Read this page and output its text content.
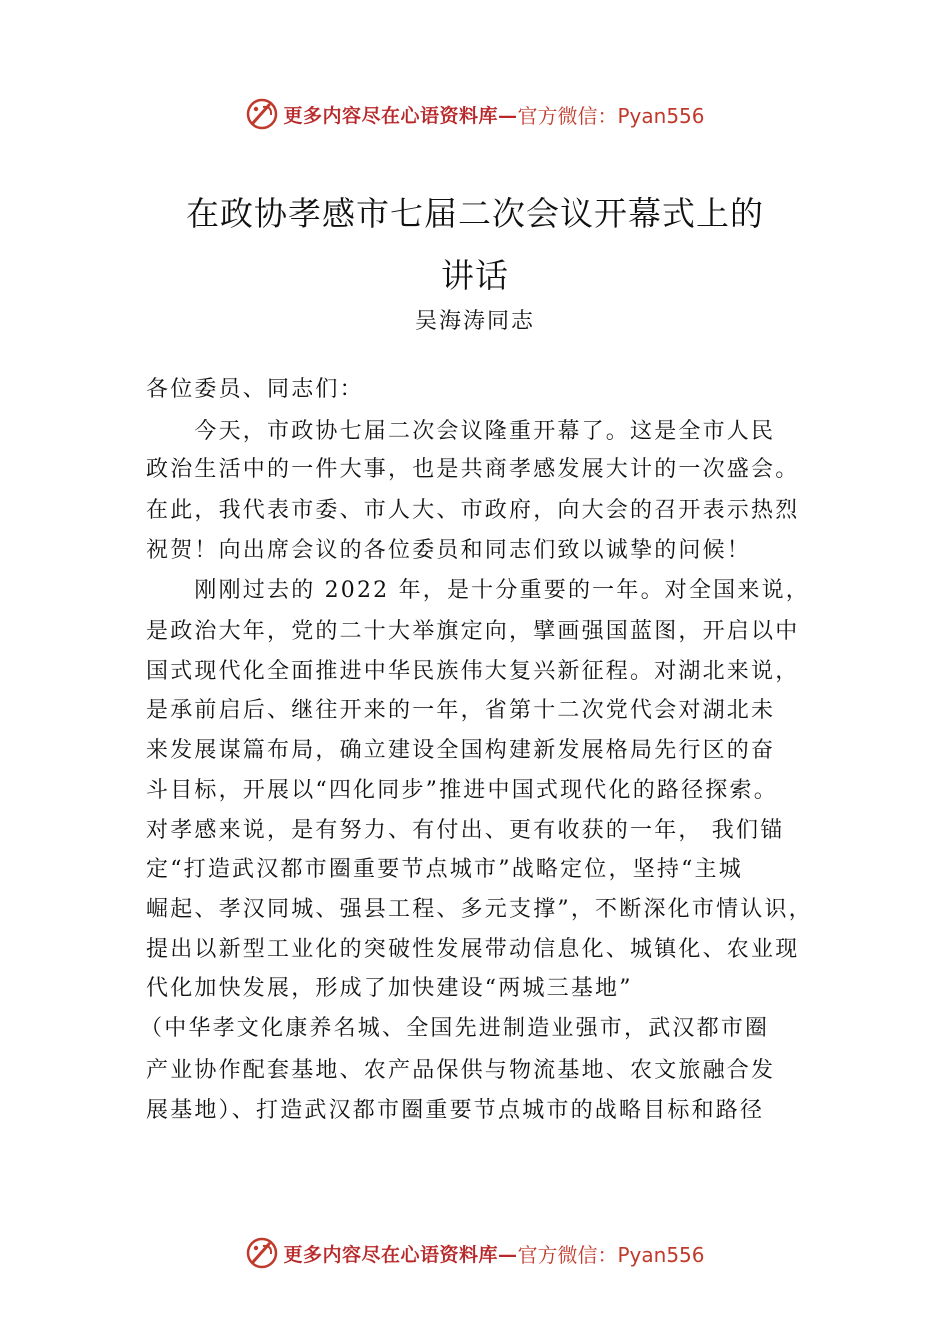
更多内容尽在心语资料库— 官方微信：Pyan556
在政协孝感市七届二次会议开幕式上的
讲话
吴海涛同志
各位委员、同志们：
　　今天，市政协七届二次会议隆重开幕了。这是全市人民
政治生活中的一件大事，也是共商孝感发展大计的一次盛会。
在此，我代表市委、市人大、市政府，向大会的召开表示热烈
祝贺！向出席会议的各位委员和同志们致以诚挚的问候！
　　刚刚过去的 2022 年，是十分重要的一年。对全国来说，
是政治大年，党的二十大举旗定向，擘画强国蓝图，开启以中
国式现代化全面推进中华民族伟大复兴新征程。对湖北来说，
是承前启后、继往开来的一年，省第十二次党代会对湖北未
来发展谋篇布局，确立建设全国构建新发展格局先行区的奋
斗目标，开展以“四化同步”推进中国式现代化的路径探索。
对孝感来说，是有努力、有付出、更有收获的一年， 我们锚
定“打造武汉都市圈重要节点城市”战略定位，坚持“主城
崛起、孝汉同城、强县工程、多元支撑”，不断深化市情认识，
提出以新型工业化的突破性发展带动信息化、城镇化、农业现
代化加快发展，形成了加快建设“两城三基地”
（中华孝文化康养名城、全国先进制造业强市，武汉都市圈
产业协作配套基地、农产品保供与物流基地、农文旅融合发
展基地）、打造武汉都市圈重要节点城市的战略目标和路径
更多内容尽在心语资料库— 官方微信：Pyan556
